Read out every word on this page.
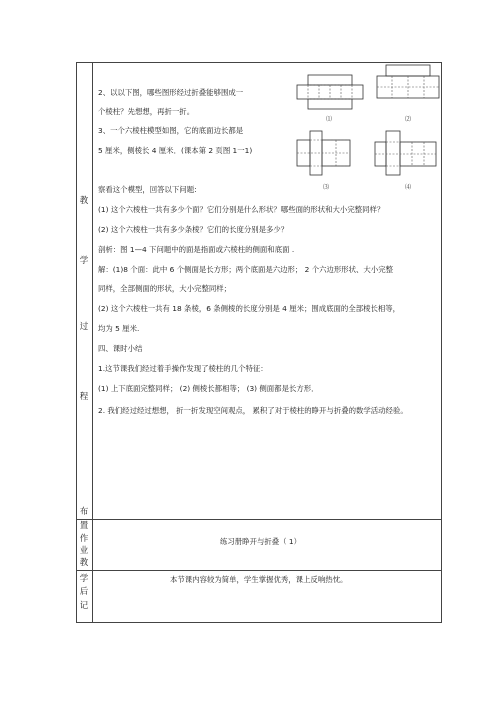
教
学
过
程
布
置
作
业
教
学
后
记
2、以以下图，哪些图形经过折叠能够围成一
个棱柱？先想想，再折一折。
3、一个六棱柱模型如图，它的底面边长都是
5 厘米，侧棱长 4 厘米．(课本第 2 页图 1一1)
察看这个模型，回答以下问题:
(1) 这个六棱柱一共有多少个面？它们分别是什么形状？哪些面的形状和大小完整同样？
(2) 这个六棱柱一共有多少条棱？它们的长度分别是多少？
剖析：图 1—4 下问题中的面是指面或六棱柱的侧面和底面 .
解：(1)8 个面：此中 6 个侧面是长方形；两个底面是六边形； 2 个六边形形状、大小完整
同样，全部侧面的形状，大小完整同样；
(2) 这个六棱柱一共有 18 条棱，6 条侧棱的长度分别是 4 厘米；围成底面的全部棱长相等，
均为 5 厘米.
四、课时小结
1.这节课我们经过着手操作发现了棱柱的几个特征：
(1) 上下底面完整同样； (2) 侧棱长都相等； (3) 侧面都是长方形．
2. 我们经过经过想想， 折一折发现空间观点， 累积了对于棱柱的睁开与折叠的数学活动经验。
练习册睁开与折叠（ 1）
本节课内容较为简单，学生掌握优秀，课上反响热忱。
⑴	⑵
⑶	⑷
